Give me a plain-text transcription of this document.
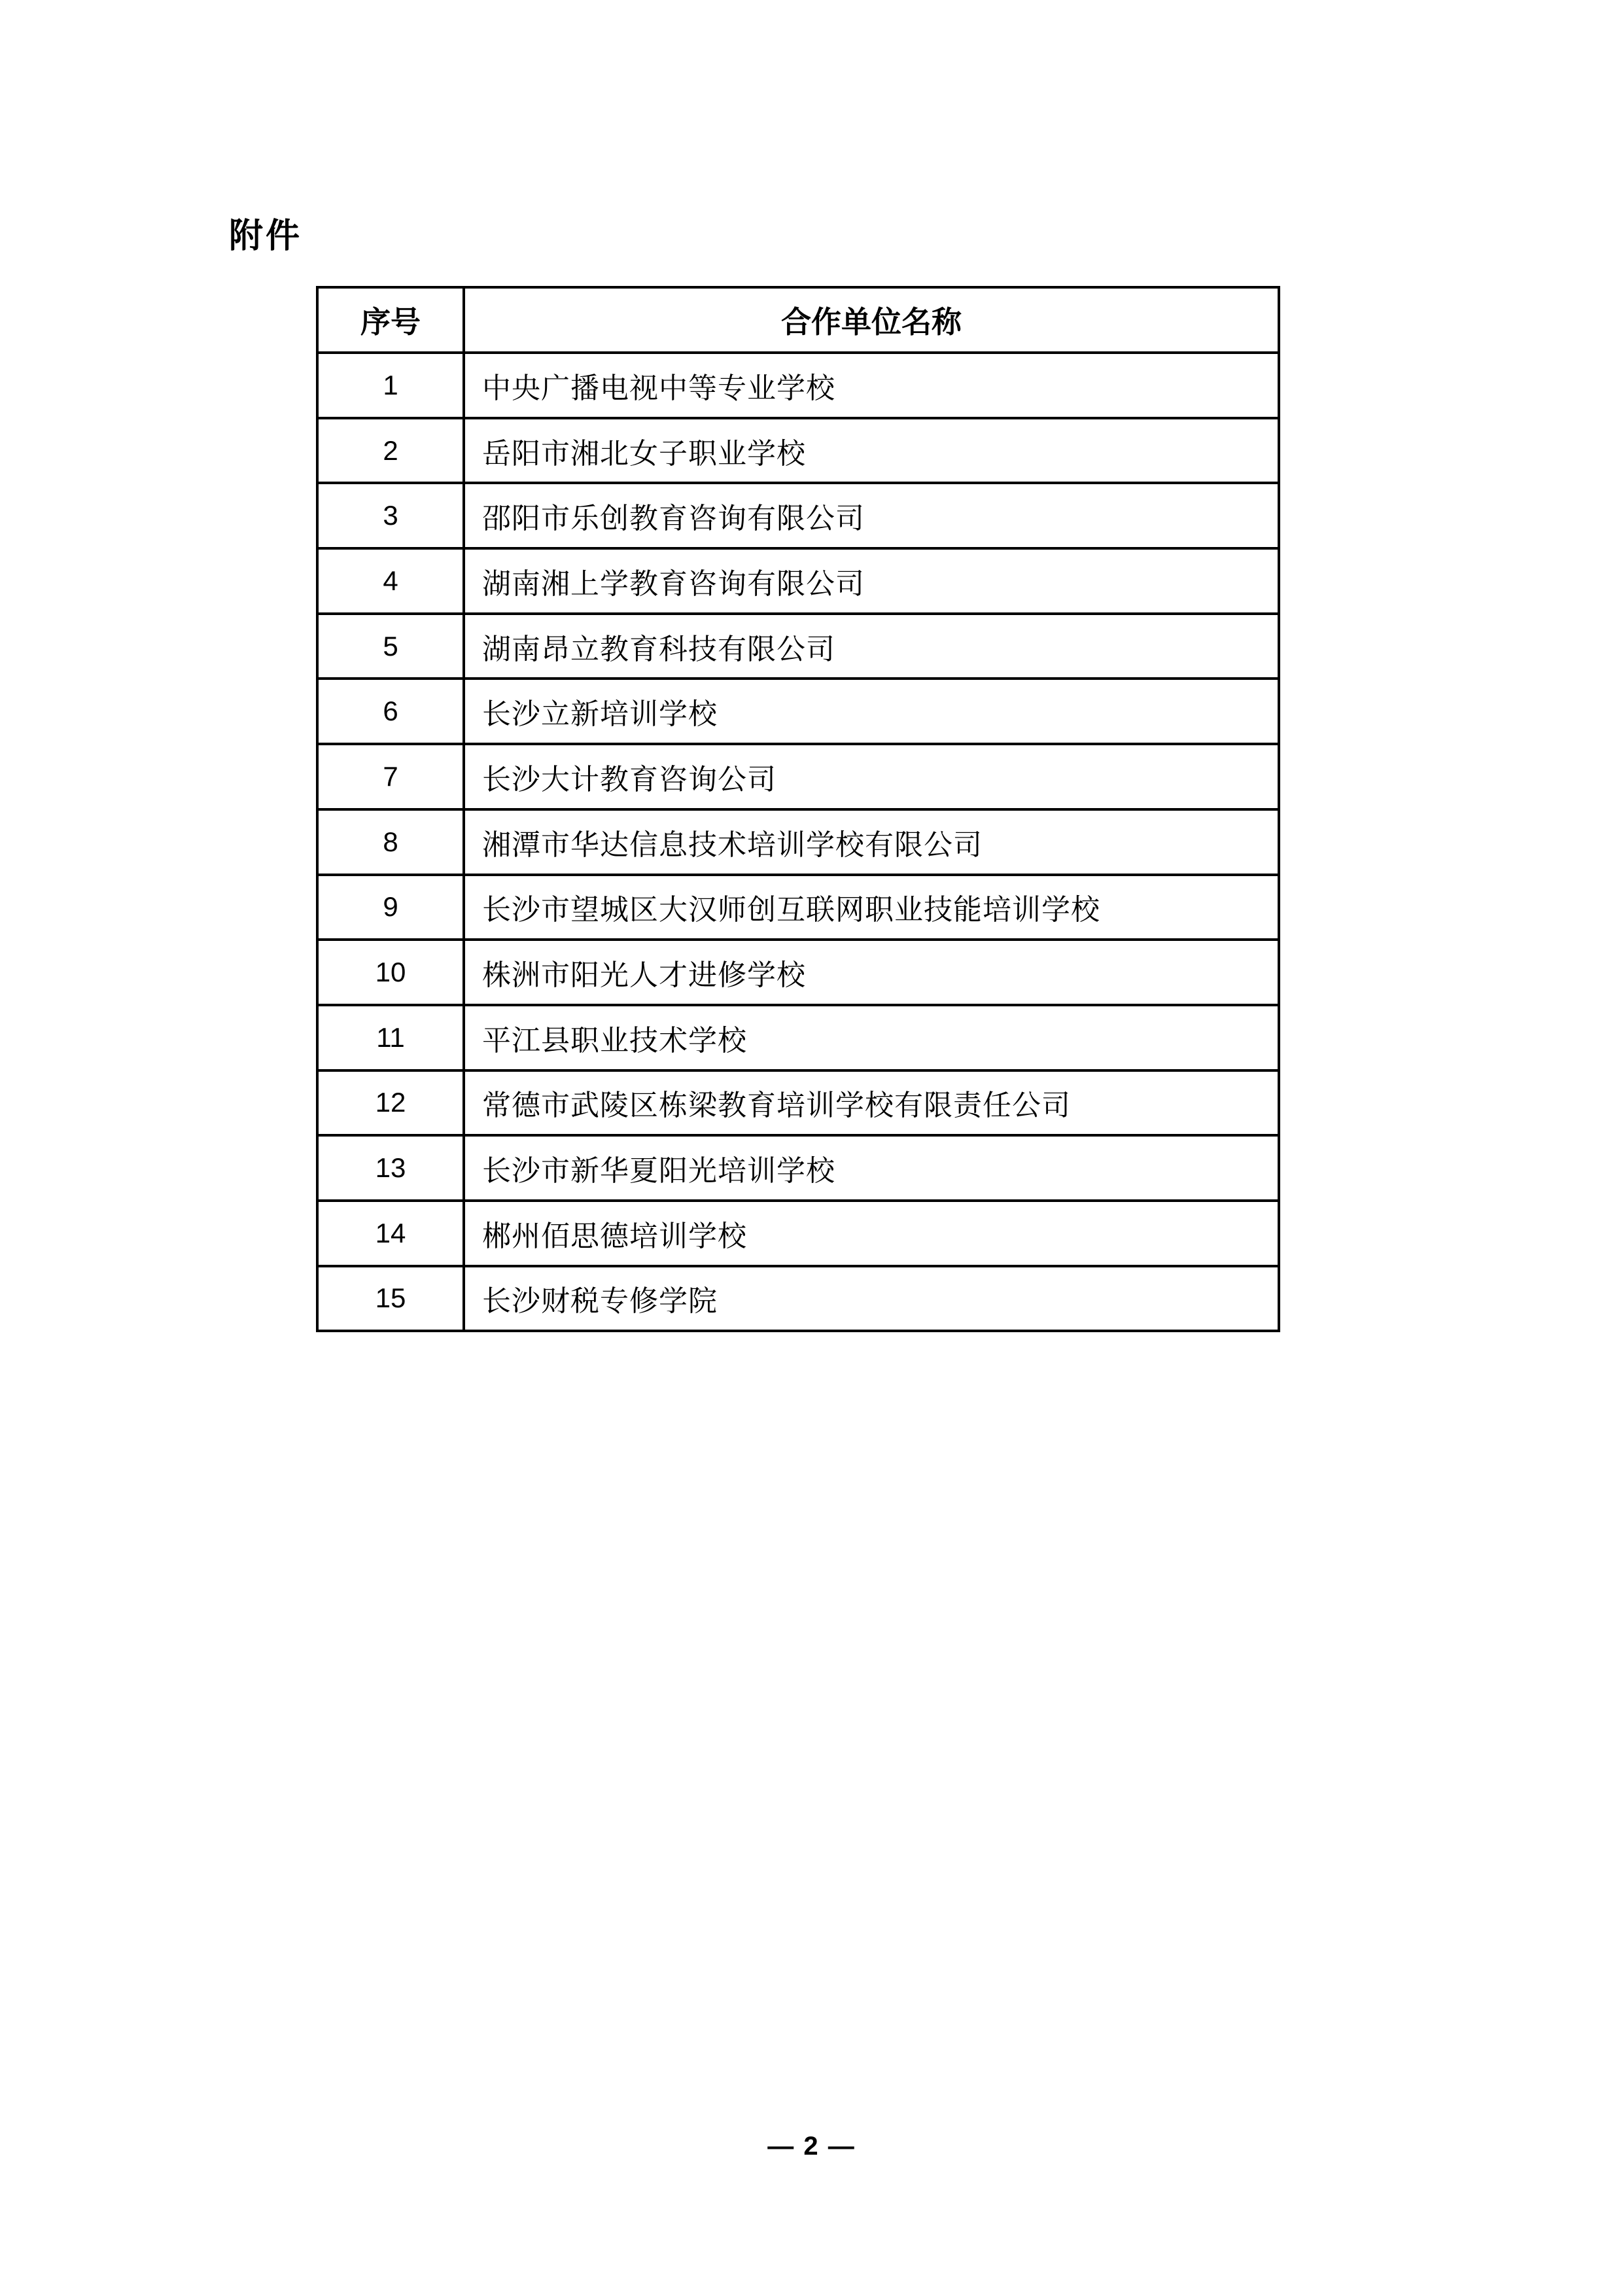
附件
序号	合作单位名称
1	中央广播电视中等专业学校
2	岳阳市湘北女子职业学校
3	邵阳市乐创教育咨询有限公司
4	湖南湘上学教育咨询有限公司
5	湖南昂立教育科技有限公司
6	长沙立新培训学校
7	长沙大计教育咨询公司
8	湘潭市华达信息技术培训学校有限公司
9	长沙市望城区大汉师创互联网职业技能培训学校
10	株洲市阳光人才进修学校
11	平江县职业技术学校
12	常德市武陵区栋梁教育培训学校有限责任公司
13	长沙市新华夏阳光培训学校
14	郴州佰思德培训学校
15	长沙财税专修学院
— 2 —
